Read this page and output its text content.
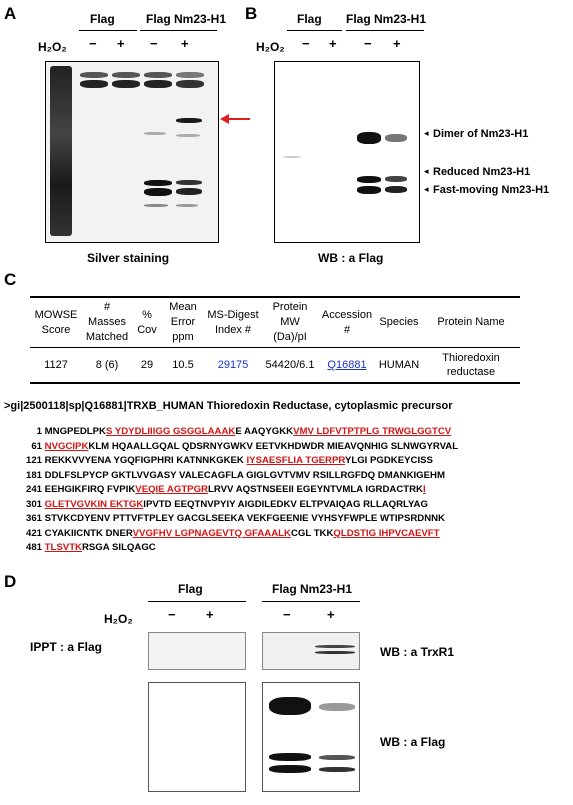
A	Flag	Flag Nm23-H1
H₂O₂ − + − +
Silver staining
B	Flag Flag Nm23-H1
H₂O₂ − + − +
◂ Dimer of Nm23-H1
◂ Reduced Nm23-H1
◂ Fast-moving Nm23-H1
WB : a Flag
C
MOWSE Score	# Masses Matched	% Cov	Mean Error ppm	MS-Digest Index #	Protein MW (Da)/pI	Accession #	Species	Protein Name
1127	8 (6)	29	10.5	29175	54420/6.1	Q16881	HUMAN	Thioredoxin reductase
>gi|2500118|sp|Q16881|TRXB_HUMAN Thioredoxin Reductase, cytoplasmic precursor
1 MNGPEDLPKS YDYDLIIIGG GSGGLAAAKE AAQYGKKVMV LDFVTPTPLG TRWGLGGTCV
61 NVGCIPKKLM HQAALLGQAL QDSRNYGWKV EETVKHDWDR MIEAVQNHIG SLNWGYRVAL
121 REKKVVYENA YGQFIGPHRI KATNNKGKEK IYSAESFLIA TGERPRYLGI PGDKEYCISS
181 DDLFSLPYCP GKTLVVGASY VALECAGFLA GIGLGVTVMV RSILLRGFDQ DMANKIGEHM
241 EEHGIKFIRQ FVPIKVEQIE AGTPGRLRVV AQSTNSEEII EGEYNTVMLA IGRDACTRKI
301 GLETVGVKIN EKTGKIPVTD EEQTNVPYIY AIGDILEDKV ELTPVAIQAG RLLAQRLYAG
361 STVKCDYENV PTTVFTPLEY GACGLSEEKA VEKFGEENIE VYHSYFWPLE WTIPSRDNNK
421 CYAKIICNTK DNERVVGFHV LGPNAGEVTQ GFAAALKCGL TKKQLDSTIG IHPVCAEVFT
481 TLSVTKRSGA SILQAGC
D	Flag	Flag Nm23-H1
H₂O₂	− +	−	+
IPPT : a Flag	WB : a TrxR1
WB : a Flag
